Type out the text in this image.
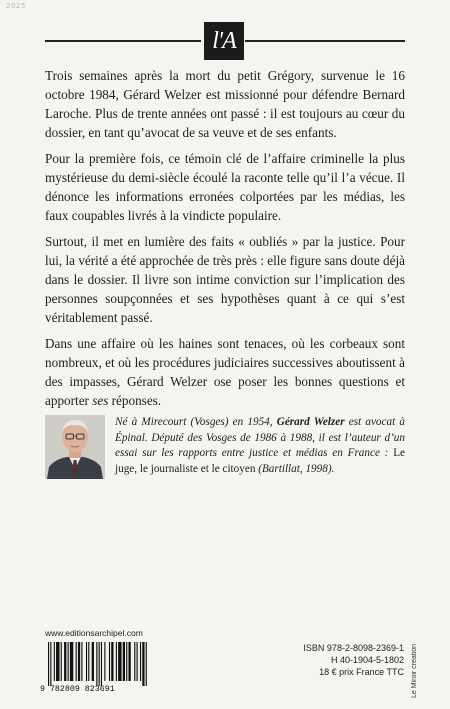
2025
l'A

Trois semaines après la mort du petit Grégory, survenue le 16 octobre 1984, Gérard Welzer est missionné pour défendre Bernard Laroche. Plus de trente années ont passé : il est toujours au cœur du dossier, en tant qu’avocat de sa veuve et de ses enfants.

Pour la première fois, ce témoin clé de l’affaire criminelle la plus mystérieuse du demi-siècle écoulé la raconte telle qu’il l’a vécue. Il dénonce les informations erronées colportées par les médias, les faux coupables livrés à la vindicte populaire.

Surtout, il met en lumière des faits « oubliés » par la justice. Pour lui, la vérité a été approchée de très près : elle figure sans doute déjà dans le dossier. Il livre son intime conviction sur l’implication des personnes soupçonnées et ses hypothèses quant à ce qui s’est véritablement passé.

Dans une affaire où les haines sont tenaces, où les corbeaux sont nombreux, et où les procédures judiciaires successives aboutissent à des impasses, Gérard Welzer ose poser les bonnes questions et apporter ses réponses.

Né à Mirecourt (Vosges) en 1954, Gérard Welzer est avocat à Épinal. Député des Vosges de 1986 à 1988, il est l’auteur d’un essai sur les rapports entre justice et médias en France : Le juge, le journaliste et le citoyen (Bartillat, 1998).

www.editionsarchipel.com
9 782809 823691
ISBN 978-2-8098-2369-1
H 40-1904-5-1802
18 € prix France TTC Le Miroir création
